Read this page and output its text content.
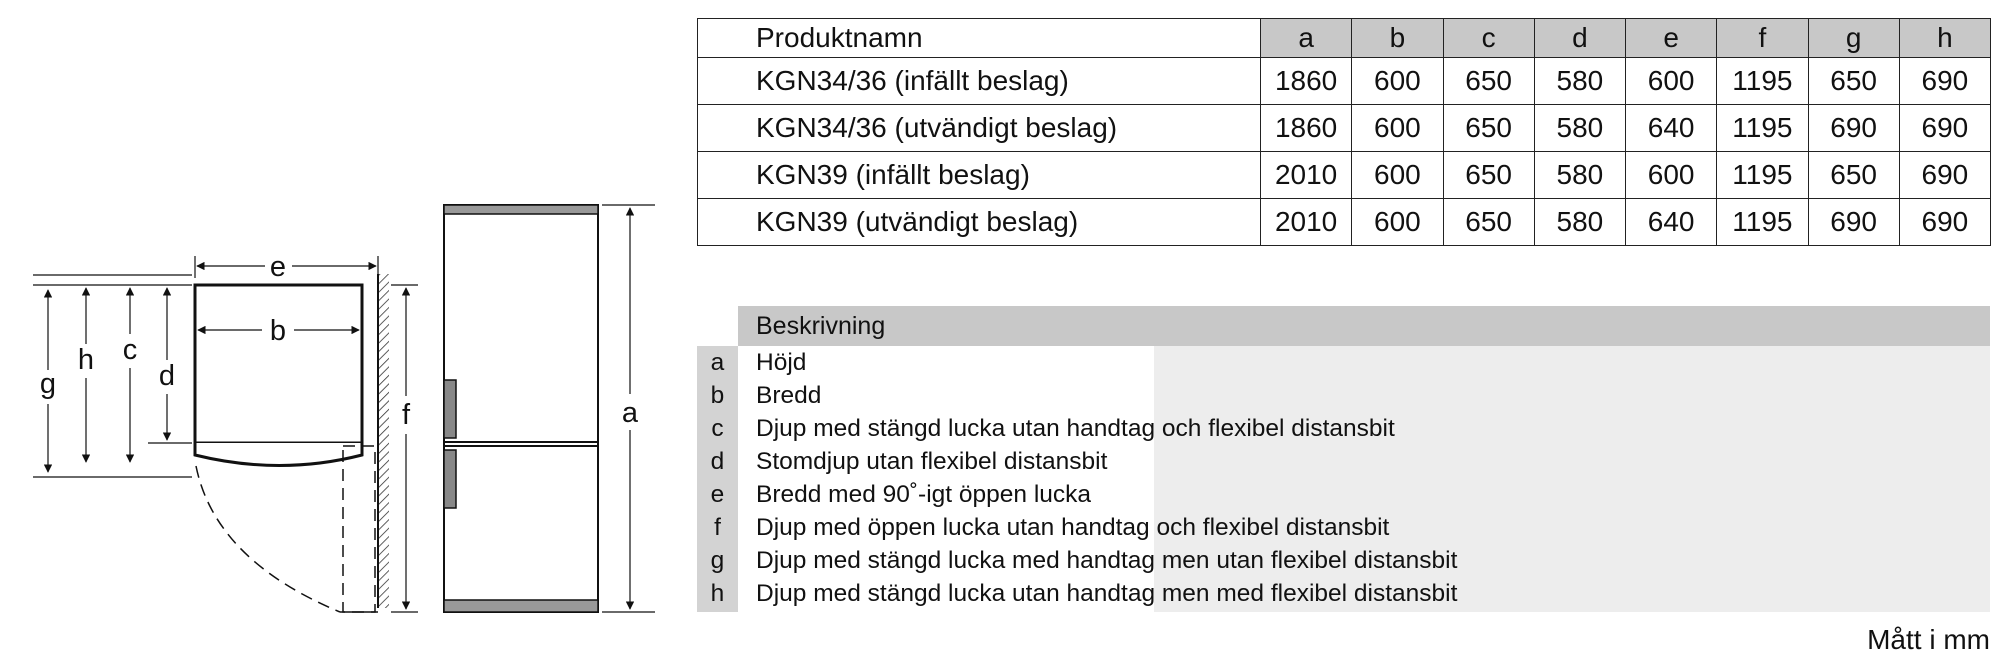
e
b
g
h c
d
f	a
Produktnamn	a	b	c	d	e	f	g	h
KGN34/36 (infällt beslag)	1860	600	650	580	600	1195	650	690
KGN34/36 (utvändigt beslag)	1860	600	650	580	640	1195	690	690
KGN39 (infällt beslag)	2010	600	650	580	600	1195	650	690
KGN39 (utvändigt beslag)	2010	600	650	580	640	1195	690	690
Beskrivning
a	Höjd
b	Bredd
c	Djup med stängd lucka utan handtag och flexibel distansbit
d	Stomdjup utan flexibel distansbit
e	Bredd med 90˚-igt öppen lucka
f	Djup med öppen lucka utan handtag och flexibel distansbit
g	Djup med stängd lucka med handtag men utan flexibel distansbit
h	Djup med stängd lucka utan handtag men med flexibel distansbit
Mått i mm
